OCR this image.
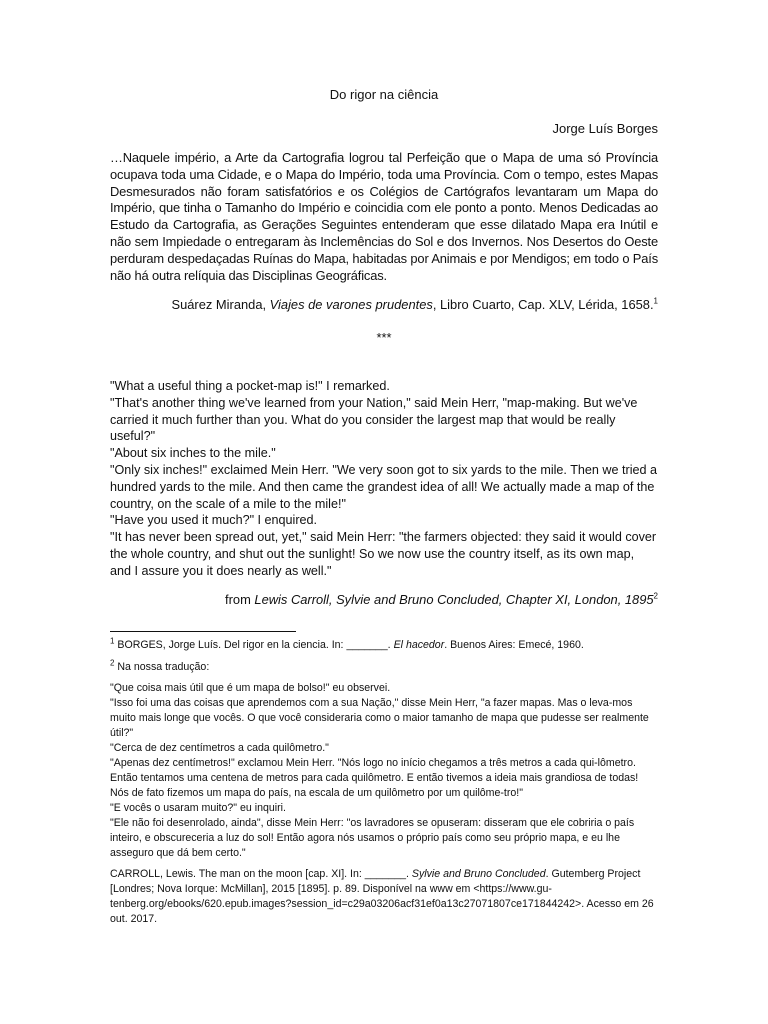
Do rigor na ciência
Jorge Luís Borges
…Naquele império, a Arte da Cartografia logrou tal Perfeição que o Mapa de uma só Província ocupava toda uma Cidade, e o Mapa do Império, toda uma Província. Com o tempo, estes Mapas Desmesurados não foram satisfatórios e os Colégios de Cartógrafos levantaram um Mapa do Império, que tinha o Tamanho do Império e coincidia com ele ponto a ponto. Menos Dedicadas ao Estudo da Cartografia, as Gerações Seguintes entenderam que esse dilatado Mapa era Inútil e não sem Impiedade o entregaram às Inclemências do Sol e dos Invernos. Nos Desertos do Oeste perduram despedaçadas Ruínas do Mapa, habitadas por Animais e por Mendigos; em todo o País não há outra relíquia das Disciplinas Geográficas.
Suárez Miranda, Viajes de varones prudentes, Libro Cuarto, Cap. XLV, Lérida, 1658.$^1$
***

"What a useful thing a pocket-map is!" I remarked.

"That's another thing we've learned from your Nation," said Mein Herr, "map-making. But we've carried it much further than you. What do you consider the largest map that would be really useful?"

"About six inches to the mile."

"Only six inches!" exclaimed Mein Herr. "We very soon got to six yards to the mile. Then we tried a hundred yards to the mile. And then came the grandest idea of all! We actually made a map of the country, on the scale of a mile to the mile!"

"Have you used it much?" I enquired.

"It has never been spread out, yet," said Mein Herr: "the farmers objected: they said it would cover the whole country, and shut out the sunlight! So we now use the country itself, as its own map, and I assure you it does nearly as well."

from Lewis Carroll, Sylvie and Bruno Concluded, Chapter XI, London, 1895$^2$

$^1$ BORGES, Jorge Luís. Del rigor en la ciencia. In: _______. El hacedor. Buenos Aires: Emecé, 1960.

$^2$ Na nossa tradução:

"Que coisa mais útil que é um mapa de bolso!" eu observei.

"Isso foi uma das coisas que aprendemos com a sua Nação," disse Mein Herr, "a fazer mapas. Mas o leva-mos muito mais longe que vocês. O que você consideraria como o maior tamanho de mapa que pudesse ser realmente útil?"

"Cerca de dez centímetros a cada quilômetro."

"Apenas dez centímetros!" exclamou Mein Herr. "Nós logo no início chegamos a três metros a cada qui-lômetro. Então tentamos uma centena de metros para cada quilômetro. E então tivemos a ideia mais grandiosa de todas! Nós de fato fizemos um mapa do país, na escala de um quilômetro por um quilôme-tro!"

"E vocês o usaram muito?" eu inquiri.

"Ele não foi desenrolado, ainda", disse Mein Herr: "os lavradores se opuseram: disseram que ele cobriria o país inteiro, e obscureceria a luz do sol! Então agora nós usamos o próprio país como seu próprio mapa, e eu lhe asseguro que dá bem certo."

CARROLL, Lewis. The man on the moon [cap. XI]. In: _______. Sylvie and Bruno Concluded. Gutemberg Project [Londres; Nova Iorque: McMillan], 2015 [1895]. p. 89. Disponível na www em <https://www.gu-tenberg.org/ebooks/620.epub.images?session_id=c29a03206acf31ef0a13c27071807ce171844242>. Acesso em 26 out. 2017.
